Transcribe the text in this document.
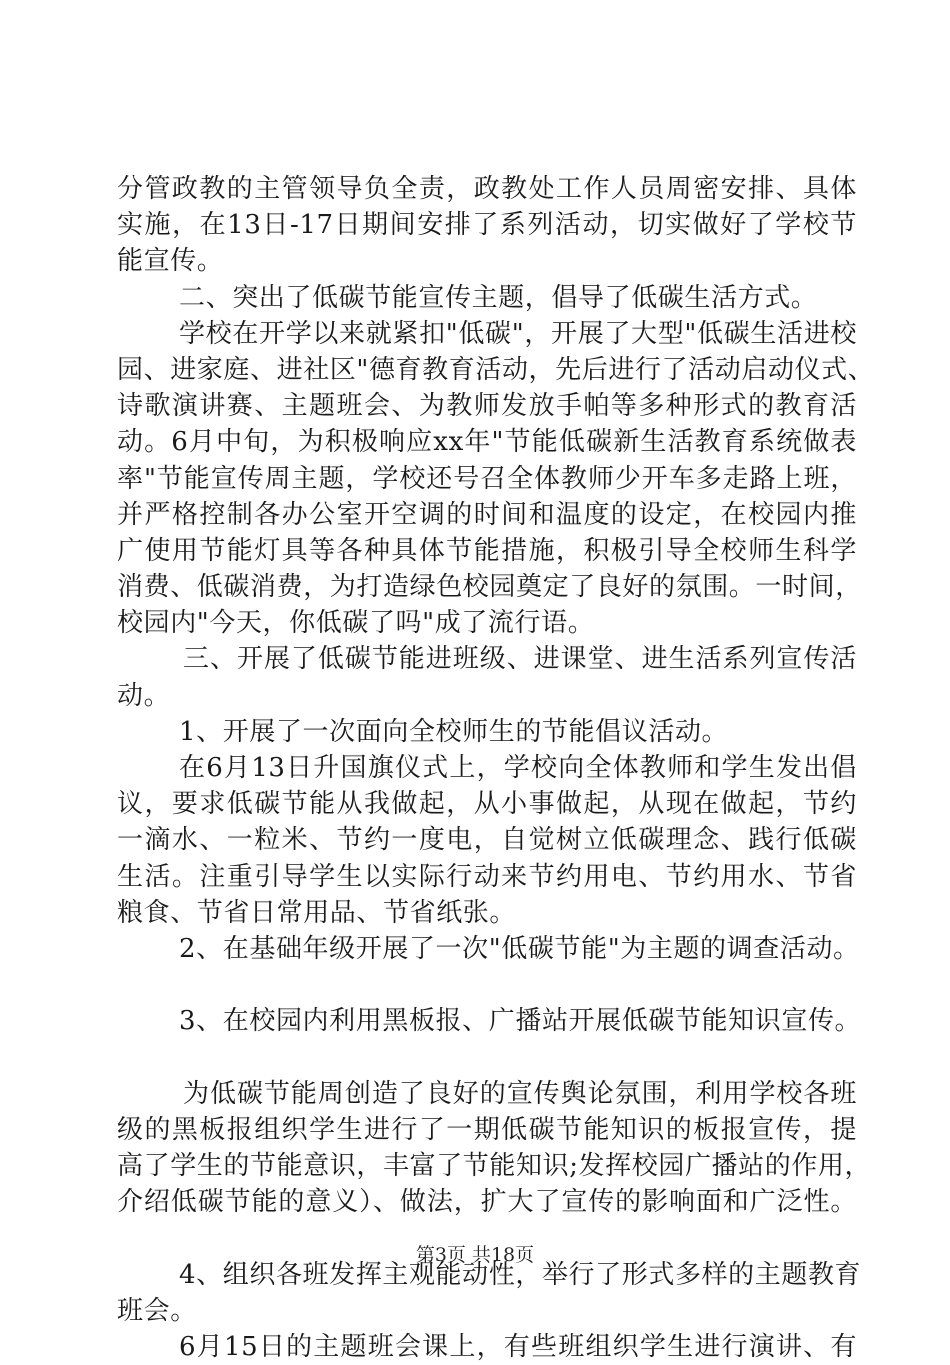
分管政教的主管领导负全责，政教处工作人员周密安排、具体
实施，在13日-17日期间安排了系列活动，切实做好了学校节
能宣传。
二、突出了低碳节能宣传主题，倡导了低碳生活方式。
学校在开学以来就紧扣"低碳"，开展了大型"低碳生活进校
园、进家庭、进社区"德育教育活动，先后进行了活动启动仪式、
诗歌演讲赛、主题班会、为教师发放手帕等多种形式的教育活
动。6月中旬，为积极响应xx年"节能低碳新生活教育系统做表
率"节能宣传周主题，学校还号召全体教师少开车多走路上班，
并严格控制各办公室开空调的时间和温度的设定，在校园内推
广使用节能灯具等各种具体节能措施，积极引导全校师生科学
消费、低碳消费，为打造绿色校园奠定了良好的氛围。一时间，
校园内"今天，你低碳了吗"成了流行语。
三、开展了低碳节能进班级、进课堂、进生活系列宣传活
动。
1、开展了一次面向全校师生的节能倡议活动。
在6月13日升国旗仪式上，学校向全体教师和学生发出倡
议，要求低碳节能从我做起，从小事做起，从现在做起，节约
一滴水、一粒米、节约一度电，自觉树立低碳理念、践行低碳
生活。注重引导学生以实际行动来节约用电、节约用水、节省
粮食、节省日常用品、节省纸张。
2、在基础年级开展了一次"低碳节能"为主题的调查活动。
3、在校园内利用黑板报、广播站开展低碳节能知识宣传。
为低碳节能周创造了良好的宣传舆论氛围，利用学校各班
级的黑板报组织学生进行了一期低碳节能知识的板报宣传，提
高了学生的节能意识，丰富了节能知识;发挥校园广播站的作用，
介绍低碳节能的意义）、做法，扩大了宣传的影响面和广泛性。
4、组织各班发挥主观能动性，举行了形式多样的主题教育
班会。
6月15日的主题班会课上，有些班组织学生进行演讲、有
第3页 共18页
